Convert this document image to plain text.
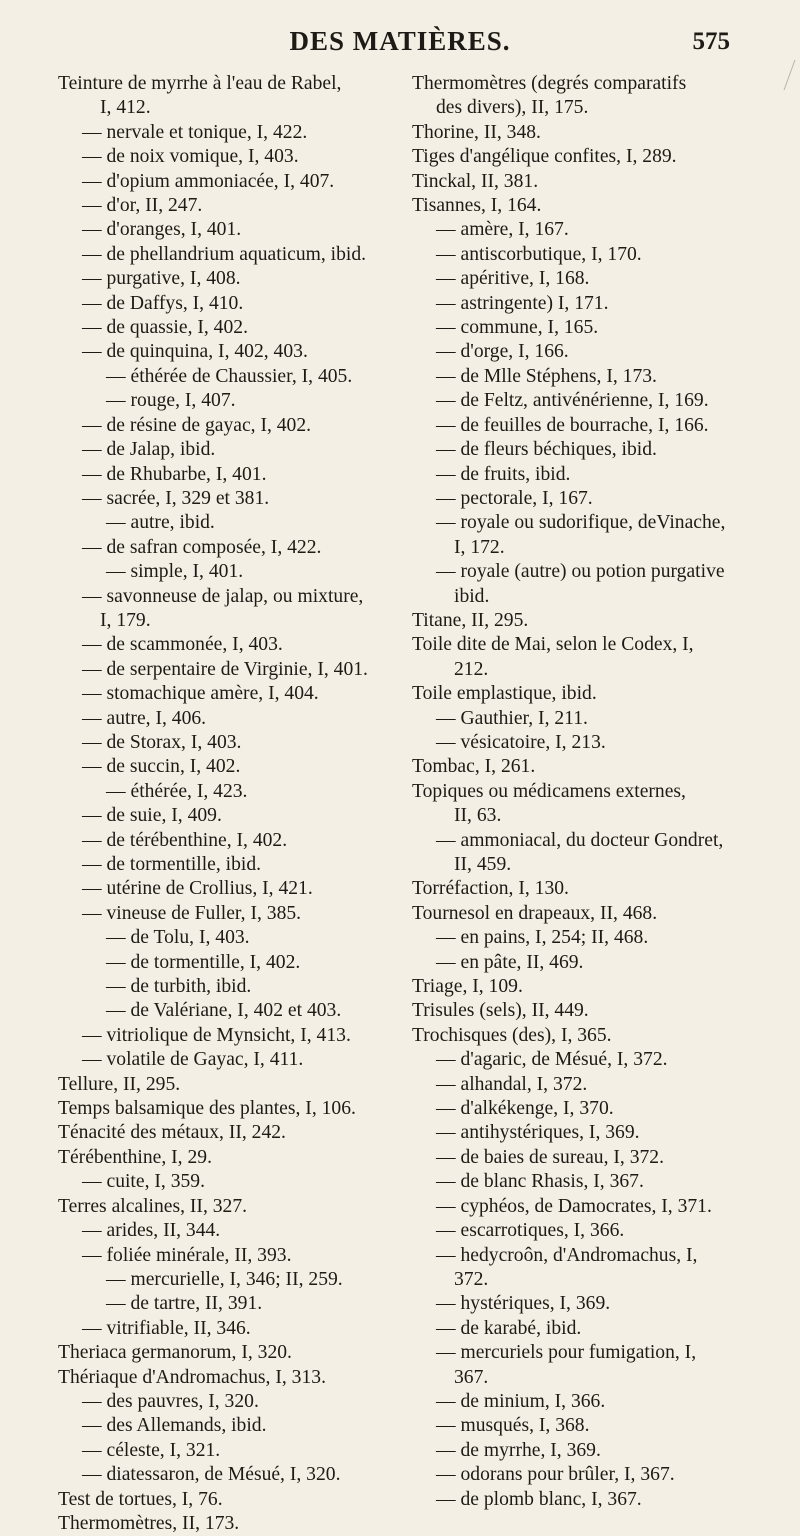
DES MATIÈRES.	575
Teinture de myrrhe à l'eau de Rabel,
I, 412.
— nervale et tonique, I, 422.
— de noix vomique, I, 403.
— d'opium ammoniacée, I, 407.
— d'or, II, 247.
— d'oranges, I, 401.
— de phellandrium aquaticum, ibid.
— purgative, I, 408.
— de Daffys, I, 410.
— de quassie, I, 402.
— de quinquina, I, 402, 403.
— éthérée de Chaussier, I, 405.
— rouge, I, 407.
— de résine de gayac, I, 402.
— de Jalap, ibid.
— de Rhubarbe, I, 401.
— sacrée, I, 329 et 381.
— autre, ibid.
— de safran composée, I, 422.
— simple, I, 401.
— savonneuse de jalap, ou mixture,
I, 179.
— de scammonée, I, 403.
— de serpentaire de Virginie, I, 401.
— stomachique amère, I, 404.
— autre, I, 406.
— de Storax, I, 403.
— de succin, I, 402.
— éthérée, I, 423.
— de suie, I, 409.
— de térébenthine, I, 402.
— de tormentille, ibid.
— utérine de Crollius, I, 421.
— vineuse de Fuller, I, 385.
— de Tolu, I, 403.
— de tormentille, I, 402.
— de turbith, ibid.
— de Valériane, I, 402 et 403.
— vitriolique de Mynsicht, I, 413.
— volatile de Gayac, I, 411.
Tellure, II, 295.
Temps balsamique des plantes, I, 106.
Ténacité des métaux, II, 242.
Térébenthine, I, 29.
— cuite, I, 359.
Terres alcalines, II, 327.
— arides, II, 344.
— foliée minérale, II, 393.
— mercurielle, I, 346; II, 259.
— de tartre, II, 391.
— vitrifiable, II, 346.
Theriaca germanorum, I, 320.
Thériaque d'Andromachus, I, 313.
— des pauvres, I, 320.
— des Allemands, ibid.
— céleste, I, 321.
— diatessaron, de Mésué, I, 320.
Test de tortues, I, 76.
Thermomètres, II, 173.
Thermomètres (degrés comparatifs
des divers), II, 175.
Thorine, II, 348.
Tiges d'angélique confites, I, 289.
Tinckal, II, 381.
Tisannes, I, 164.
— amère, I, 167.
— antiscorbutique, I, 170.
— apéritive, I, 168.
— astringente) I, 171.
— commune, I, 165.
— d'orge, I, 166.
— de Mlle Stéphens, I, 173.
— de Feltz, antivénérienne, I, 169.
— de feuilles de bourrache, I, 166.
— de fleurs béchiques, ibid.
— de fruits, ibid.
— pectorale, I, 167.
— royale ou sudorifique, deVinache,
I, 172.
— royale (autre) ou potion purgative
ibid.
Titane, II, 295.
Toile dite de Mai, selon le Codex, I,
212.
Toile emplastique, ibid.
— Gauthier, I, 211.
— vésicatoire, I, 213.
Tombac, I, 261.
Topiques ou médicamens externes,
II, 63.
— ammoniacal, du docteur Gondret,
II, 459.
Torréfaction, I, 130.
Tournesol en drapeaux, II, 468.
— en pains, I, 254; II, 468.
— en pâte, II, 469.
Triage, I, 109.
Trisules (sels), II, 449.
Trochisques (des), I, 365.
— d'agaric, de Mésué, I, 372.
— alhandal, I, 372.
— d'alkékenge, I, 370.
— antihystériques, I, 369.
— de baies de sureau, I, 372.
— de blanc Rhasis, I, 367.
— cyphéos, de Damocrates, I, 371.
— escarrotiques, I, 366.
— hedycroôn, d'Andromachus, I,
372.
— hystériques, I, 369.
— de karabé, ibid.
— mercuriels pour fumigation, I,
367.
— de minium, I, 366.
— musqués, I, 368.
— de myrrhe, I, 369.
— odorans pour brûler, I, 367.
— de plomb blanc, I, 367.
